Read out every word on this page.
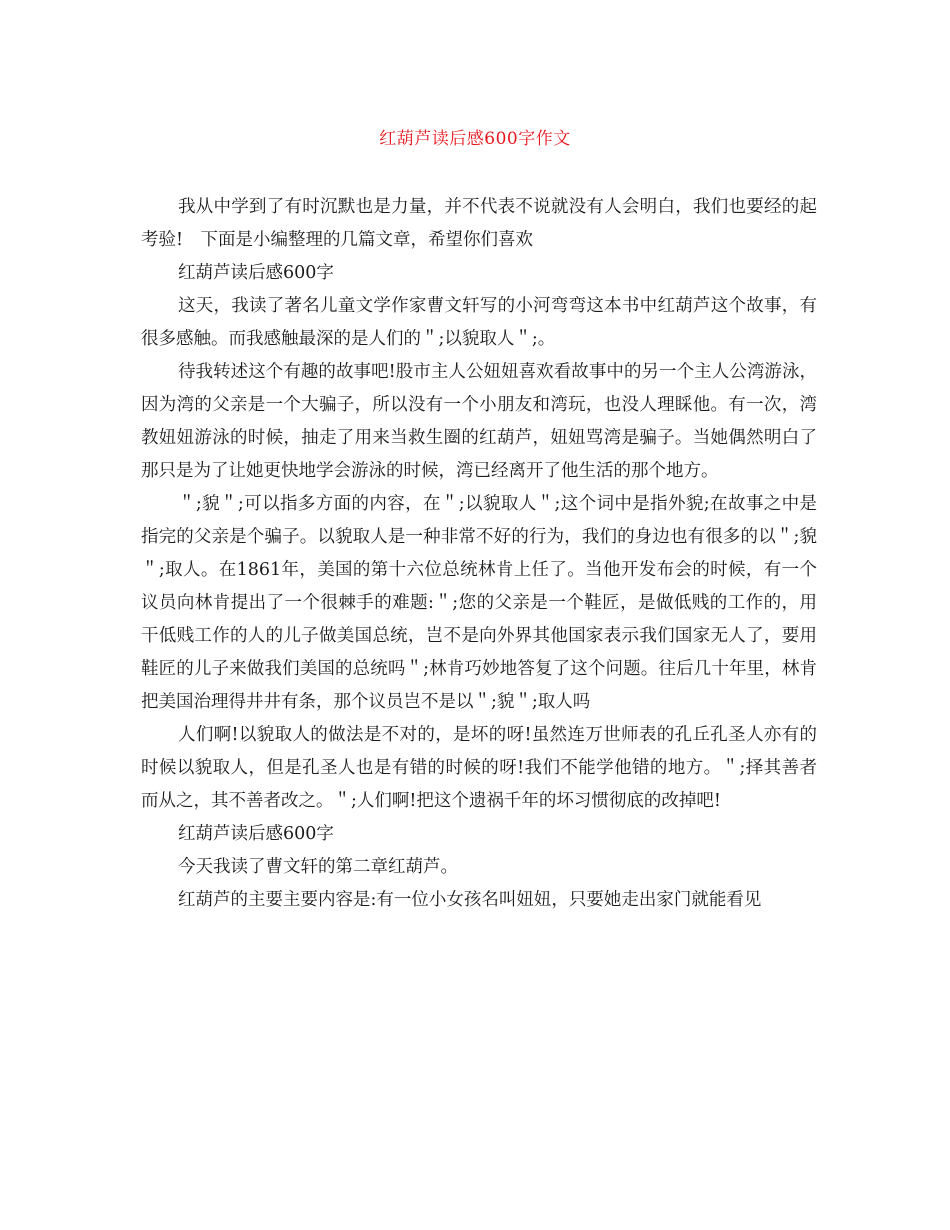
红葫芦读后感600字作文

我从中学到了有时沉默也是力量，并不代表不说就没有人会明白，我们也要经的起考验!　下面是小编整理的几篇文章，希望你们喜欢

红葫芦读后感600字

这天，我读了著名儿童文学作家曹文轩写的小河弯弯这本书中红葫芦这个故事，有很多感触。而我感触最深的是人们的＂;以貌取人＂;。

待我转述这个有趣的故事吧!股市主人公妞妞喜欢看故事中的另一个主人公湾游泳，因为湾的父亲是一个大骗子，所以没有一个小朋友和湾玩，也没人理睬他。有一次，湾教妞妞游泳的时候，抽走了用来当救生圈的红葫芦，妞妞骂湾是骗子。当她偶然明白了那只是为了让她更快地学会游泳的时候，湾已经离开了他生活的那个地方。

＂;貌＂;可以指多方面的内容，在＂;以貌取人＂;这个词中是指外貌;在故事之中是指完的父亲是个骗子。以貌取人是一种非常不好的行为，我们的身边也有很多的以＂;貌＂;取人。在1861年，美国的第十六位总统林肯上任了。当他开发布会的时候，有一个议员向林肯提出了一个很棘手的难题:＂;您的父亲是一个鞋匠，是做低贱的工作的，用干低贱工作的人的儿子做美国总统，岂不是向外界其他国家表示我们国家无人了，要用鞋匠的儿子来做我们美国的总统吗＂;林肯巧妙地答复了这个问题。往后几十年里，林肯把美国治理得井井有条，那个议员岂不是以＂;貌＂;取人吗

人们啊!以貌取人的做法是不对的，是坏的呀!虽然连万世师表的孔丘孔圣人亦有的时候以貌取人，但是孔圣人也是有错的时候的呀!我们不能学他错的地方。＂;择其善者而从之，其不善者改之。＂;人们啊!把这个遗祸千年的坏习惯彻底的改掉吧!

红葫芦读后感600字

今天我读了曹文轩的第二章红葫芦。

红葫芦的主要主要内容是:有一位小女孩名叫妞妞，只要她走出家门就能看见
